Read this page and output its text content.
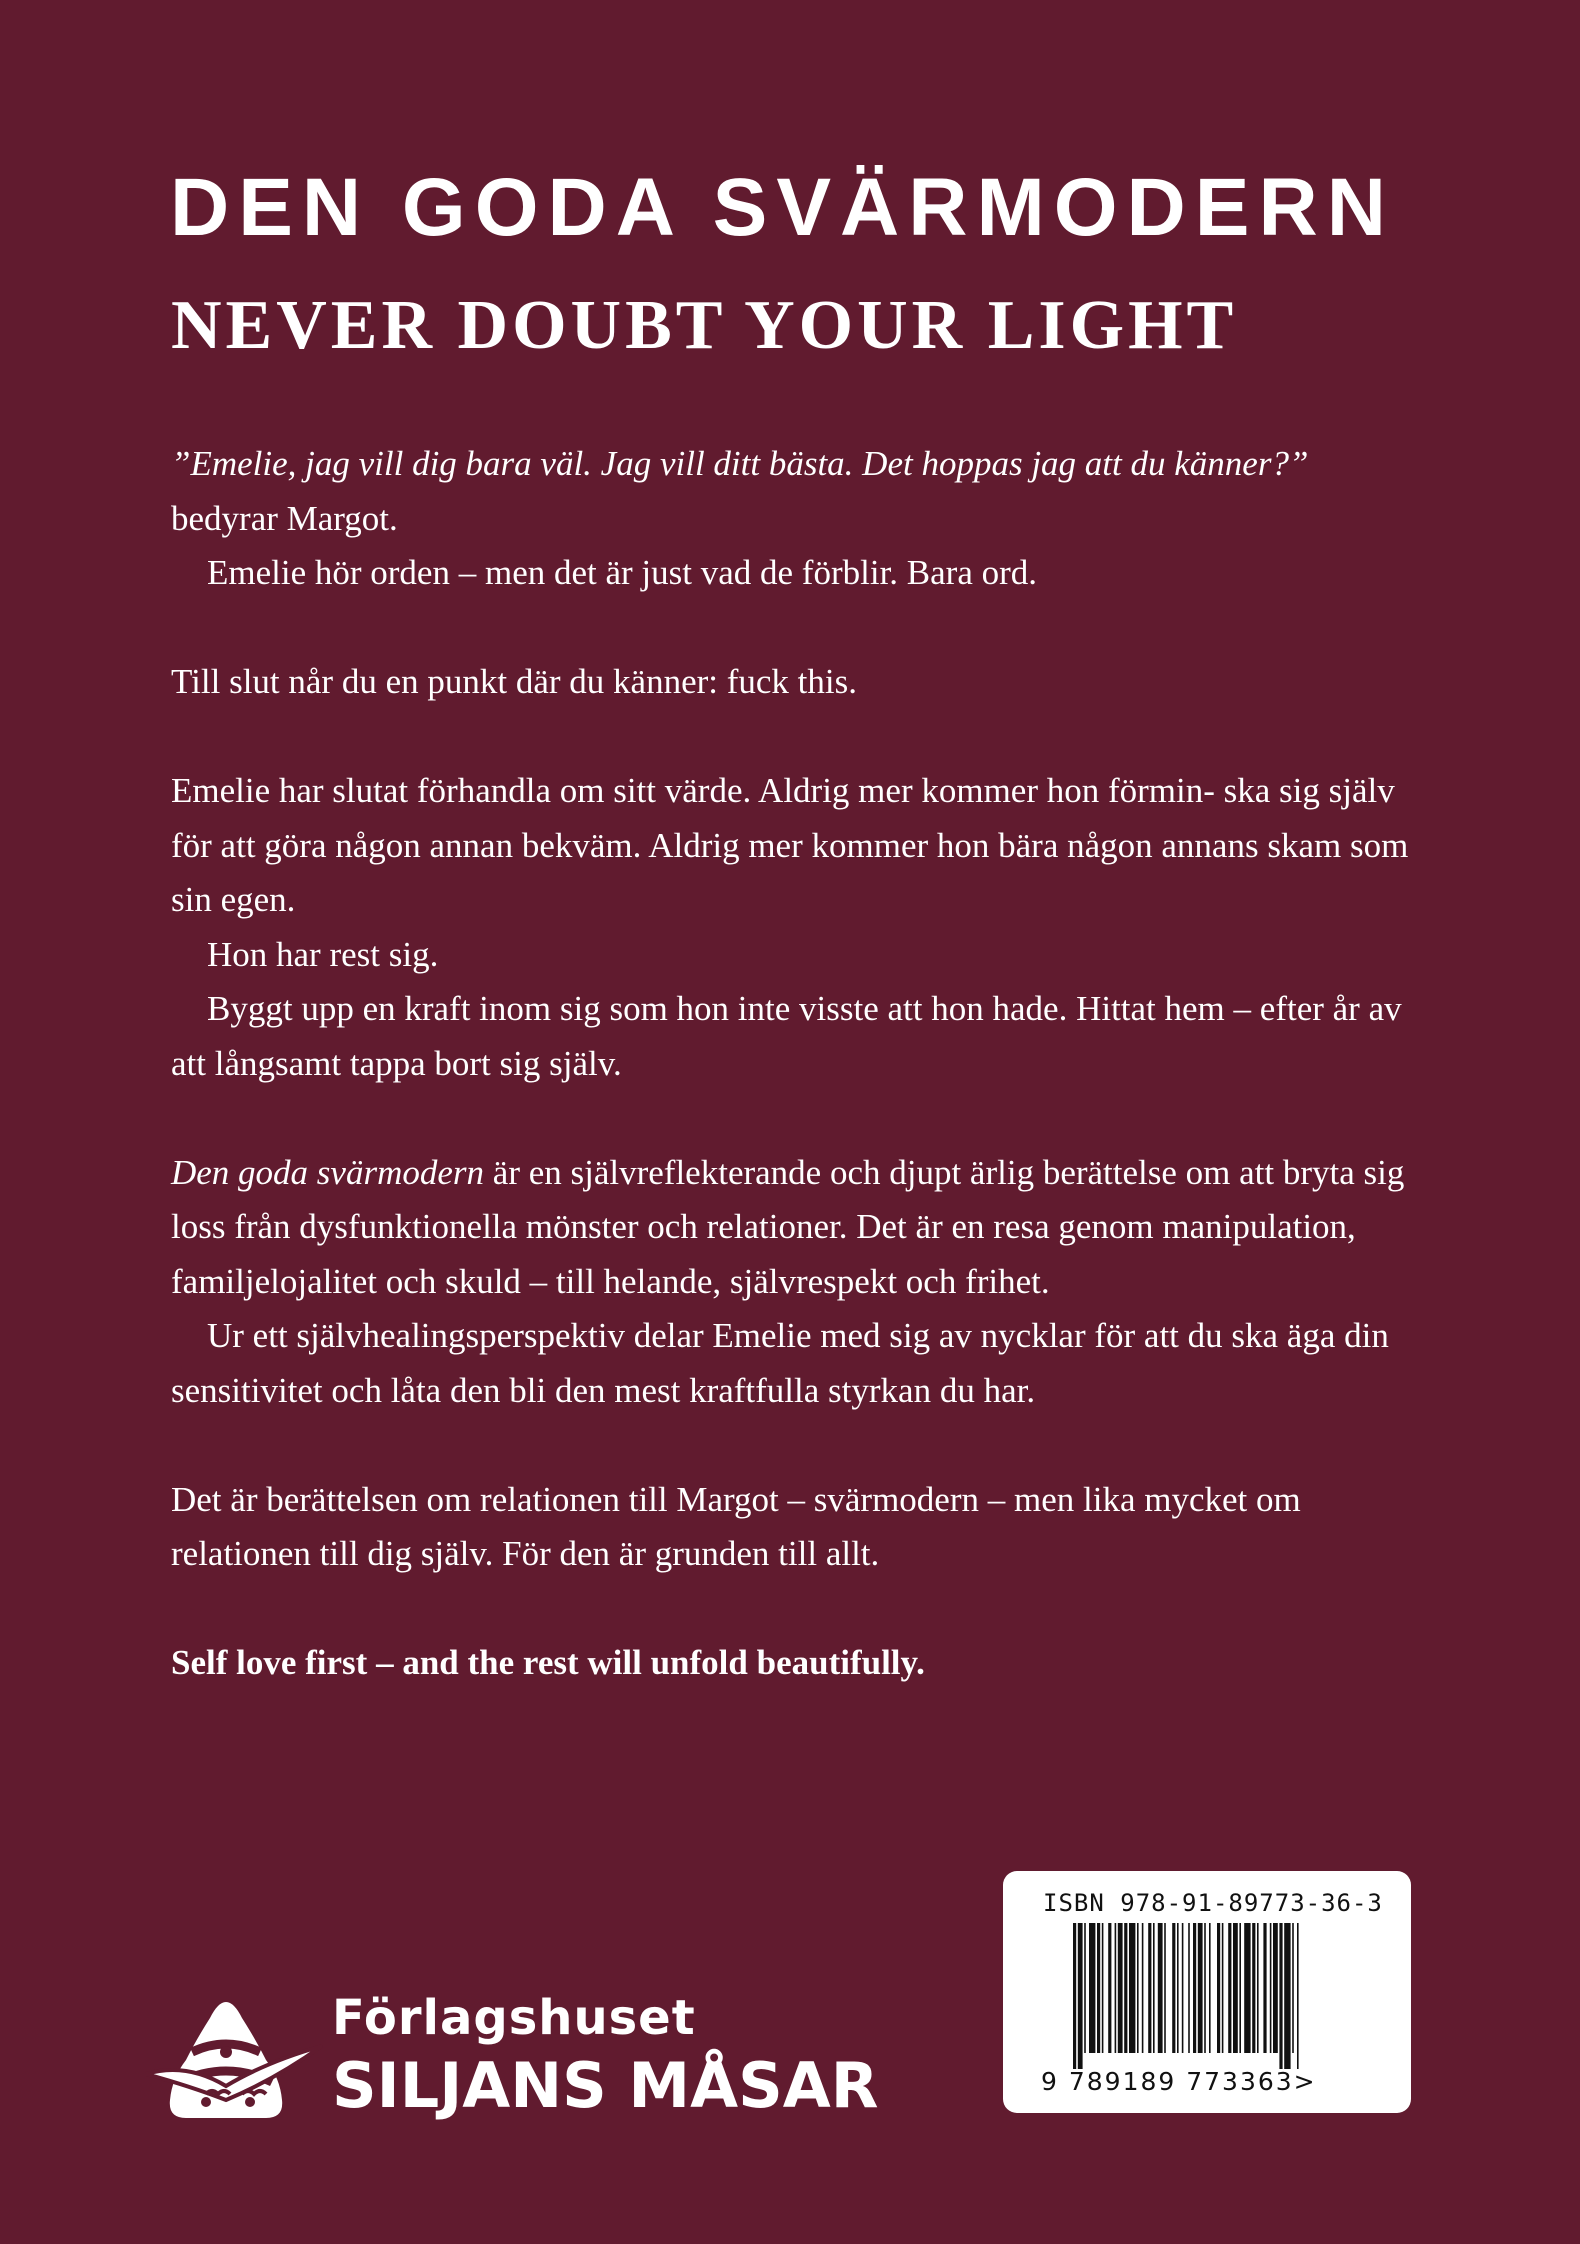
DEN GODA SVÄRMODERN
NEVER DOUBT YOUR LIGHT

”Emelie, jag vill dig bara väl. Jag vill ditt bästa. Det hoppas jag att du känner?”
bedyrar Margot.

Emelie hör orden – men det är just vad de förblir. Bara ord.

Till slut når du en punkt där du känner: fuck this.

Emelie har slutat förhandla om sitt värde. Aldrig mer kommer hon förmin- ska sig själv för att göra någon annan bekväm. Aldrig mer kommer hon bära någon annans skam som sin egen.

Hon har rest sig.

Byggt upp en kraft inom sig som hon inte visste att hon hade. Hittat hem – efter år av att långsamt tappa bort sig själv.

Den goda svärmodern är en självreflekterande och djupt ärlig berättelse om att bryta sig loss från dysfunktionella mönster och relationer. Det är en resa genom manipulation, familjelojalitet och skuld – till helande, självrespekt och frihet.

Ur ett självhealingsperspektiv delar Emelie med sig av nycklar för att du ska äga din sensitivitet och låta den bli den mest kraftfulla styrkan du har.

Det är berättelsen om relationen till Margot – svärmodern – men lika mycket om relationen till dig själv. För den är grunden till allt.

Self love first – and the rest will unfold beautifully.

Förlagshuset
SILJANS MÅSAR
ISBN 978-91-89773-36-3
9 789189 773363>
